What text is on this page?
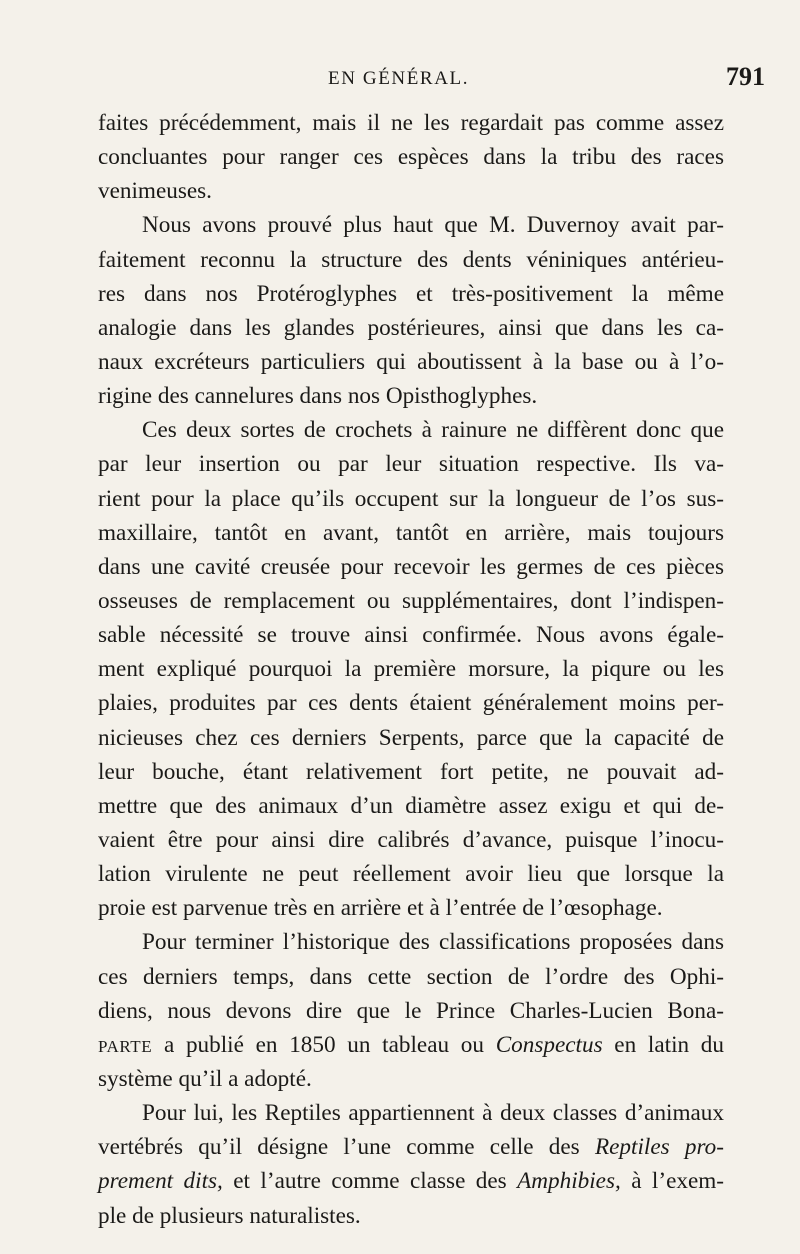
EN GÉNÉRAL.	791
faites précédemment, mais il ne les regardait pas comme assez
concluantes pour ranger ces espèces dans la tribu des races
venimeuses.
Nous avons prouvé plus haut que M. Duvernoy avait par-
faitement reconnu la structure des dents véniniques antérieu-
res dans nos Protéroglyphes et très-positivement la même
analogie dans les glandes postérieures, ainsi que dans les ca-
naux excréteurs particuliers qui aboutissent à la base ou à l’o-
rigine des cannelures dans nos Opisthoglyphes.
Ces deux sortes de crochets à rainure ne diffèrent donc que
par leur insertion ou par leur situation respective. Ils va-
rient pour la place qu’ils occupent sur la longueur de l’os sus-
maxillaire, tantôt en avant, tantôt en arrière, mais toujours
dans une cavité creusée pour recevoir les germes de ces pièces
osseuses de remplacement ou supplémentaires, dont l’indispen-
sable nécessité se trouve ainsi confirmée. Nous avons égale-
ment expliqué pourquoi la première morsure, la piqure ou les
plaies, produites par ces dents étaient généralement moins per-
nicieuses chez ces derniers Serpents, parce que la capacité de
leur bouche, étant relativement fort petite, ne pouvait ad-
mettre que des animaux d’un diamètre assez exigu et qui de-
vaient être pour ainsi dire calibrés d’avance, puisque l’inocu-
lation virulente ne peut réellement avoir lieu que lorsque la
proie est parvenue très en arrière et à l’entrée de l’œsophage.
Pour terminer l’historique des classifications proposées dans
ces derniers temps, dans cette section de l’ordre des Ophi-
diens, nous devons dire que le Prince Charles-Lucien Bona-
PARTE a publié en 1850 un tableau ou Conspectus en latin du
système qu’il a adopté.
Pour lui, les Reptiles appartiennent à deux classes d’animaux
vertébrés qu’il désigne l’une comme celle des Reptiles pro-
prement dits, et l’autre comme classe des Amphibies, à l’exem-
ple de plusieurs naturalistes.
